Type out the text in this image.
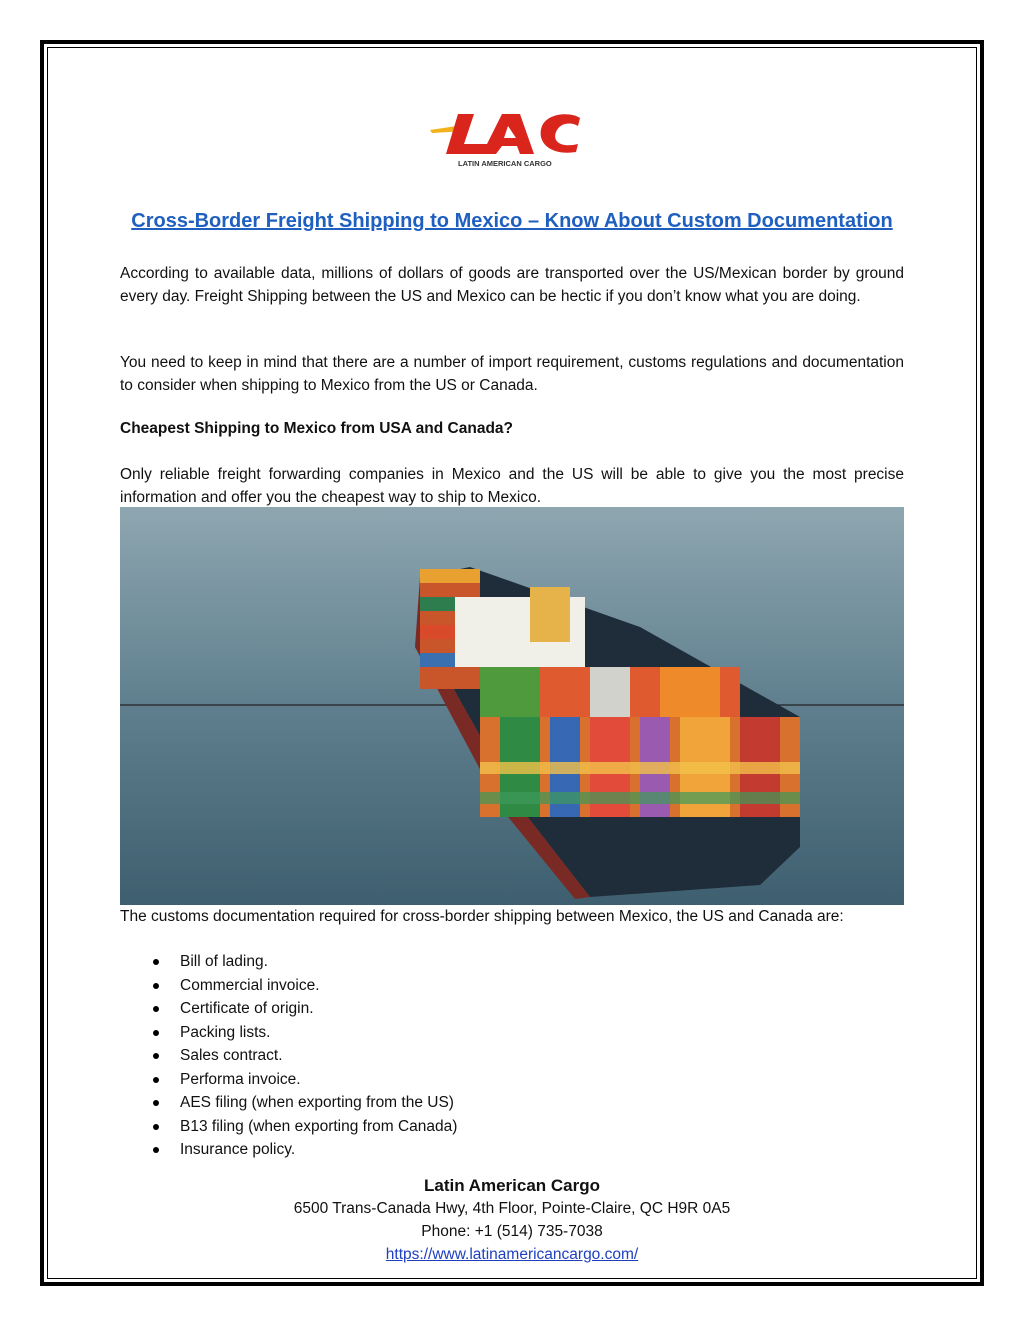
LATIN AMERICAN CARGO
Cross-Border Freight Shipping to Mexico – Know About Custom Documentation

According to available data, millions of dollars of goods are transported over the US/Mexican border by ground every day. Freight Shipping between the US and Mexico can be hectic if you don’t know what you are doing.

You need to keep in mind that there are a number of import requirement, customs regulations and documentation to consider when shipping to Mexico from the US or Canada.

Cheapest Shipping to Mexico from USA and Canada?

Only reliable freight forwarding companies in Mexico and the US will be able to give you the most precise information and offer you the cheapest way to ship to Mexico.

The customs documentation required for cross-border shipping between Mexico, the US and Canada are:

Bill of lading.
Commercial invoice.
Certificate of origin.
Packing lists.
Sales contract.
Performa invoice.
AES filing (when exporting from the US)
B13 filing (when exporting from Canada)
Insurance policy.
Latin American Cargo
6500 Trans-Canada Hwy, 4th Floor, Pointe-Claire, QC H9R 0A5
Phone: +1 (514) 735-7038
https://www.latinamericancargo.com/
